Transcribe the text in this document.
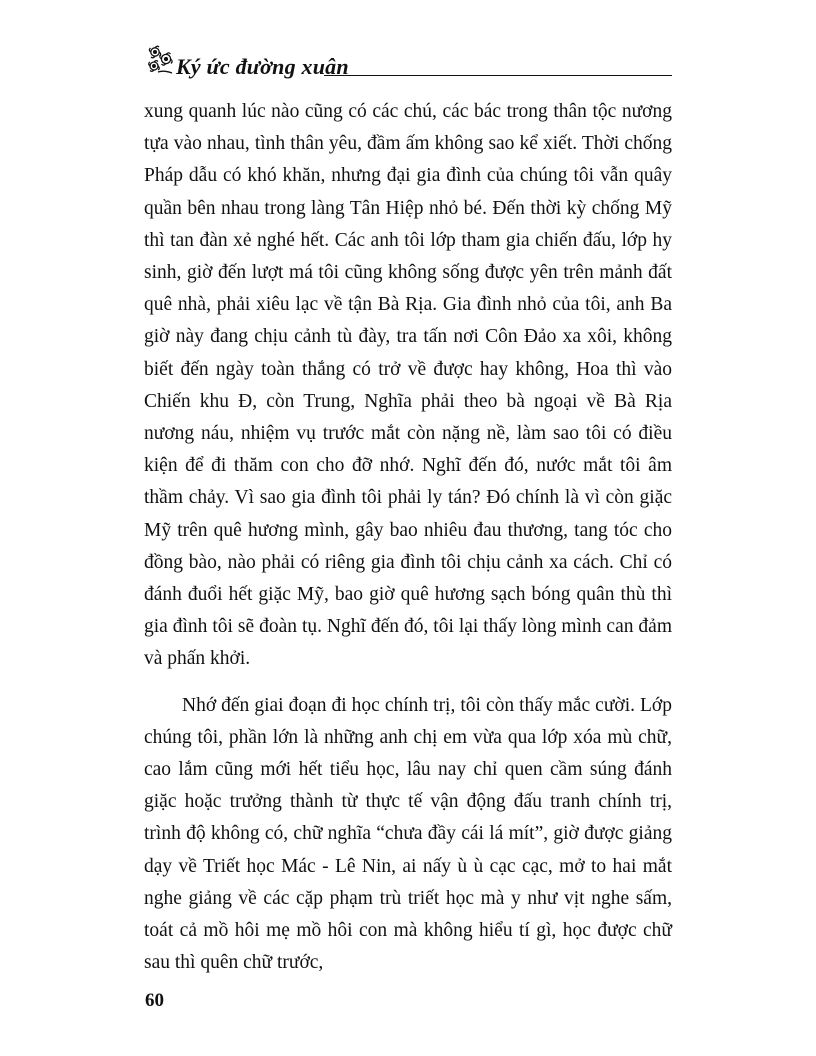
Ký ức đường xuân

xung quanh lúc nào cũng có các chú, các bác trong thân tộc nương tựa vào nhau, tình thân yêu, đầm ấm không sao kể xiết. Thời chống Pháp dẫu có khó khăn, nhưng đại gia đình của chúng tôi vẫn quây quần bên nhau trong làng Tân Hiệp nhỏ bé. Đến thời kỳ chống Mỹ thì tan đàn xẻ nghé hết. Các anh tôi lớp tham gia chiến đấu, lớp hy sinh, giờ đến lượt má tôi cũng không sống được yên trên mảnh đất quê nhà, phải xiêu lạc về tận Bà Rịa. Gia đình nhỏ của tôi, anh Ba giờ này đang chịu cảnh tù đày, tra tấn nơi Côn Đảo xa xôi, không biết đến ngày toàn thắng có trở về được hay không, Hoa thì vào Chiến khu Đ, còn Trung, Nghĩa phải theo bà ngoại về Bà Rịa nương náu, nhiệm vụ trước mắt còn nặng nề, làm sao tôi có điều kiện để đi thăm con cho đỡ nhớ. Nghĩ đến đó, nước mắt tôi âm thầm chảy. Vì sao gia đình tôi phải ly tán? Đó chính là vì còn giặc Mỹ trên quê hương mình, gây bao nhiêu đau thương, tang tóc cho đồng bào, nào phải có riêng gia đình tôi chịu cảnh xa cách. Chỉ có đánh đuổi hết giặc Mỹ, bao giờ quê hương sạch bóng quân thù thì gia đình tôi sẽ đoàn tụ. Nghĩ đến đó, tôi lại thấy lòng mình can đảm và phấn khởi.

Nhớ đến giai đoạn đi học chính trị, tôi còn thấy mắc cười. Lớp chúng tôi, phần lớn là những anh chị em vừa qua lớp xóa mù chữ, cao lắm cũng mới hết tiểu học, lâu nay chỉ quen cầm súng đánh giặc hoặc trưởng thành từ thực tế vận động đấu tranh chính trị, trình độ không có, chữ nghĩa “chưa đầy cái lá mít”, giờ được giảng dạy về Triết học Mác - Lê Nin, ai nấy ù ù cạc cạc, mở to hai mắt nghe giảng về các cặp phạm trù triết học mà y như vịt nghe sấm, toát cả mồ hôi mẹ mồ hôi con mà không hiểu tí gì, học được chữ sau thì quên chữ trước,

60
